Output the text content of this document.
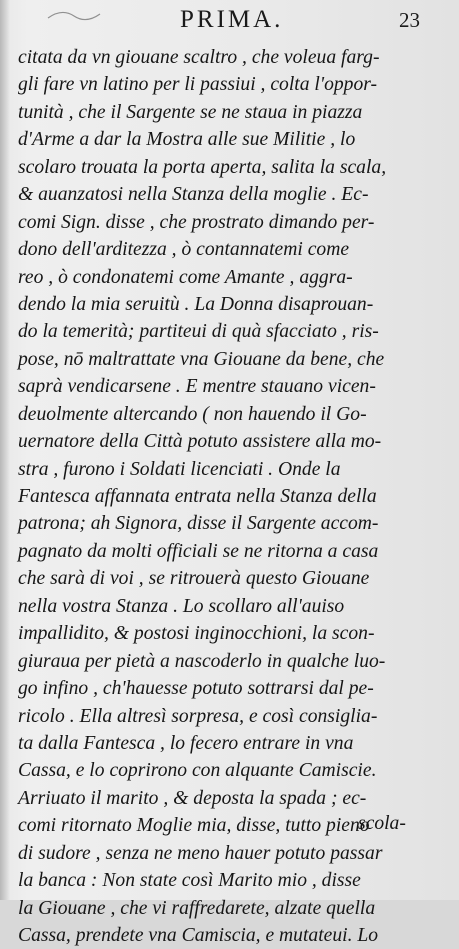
PRIMA.	23
citata da vn giouane scaltro , che voleua farg-
gli fare vn latino per li passiui , colta l'oppor-
tunità , che il Sargente se ne staua in piazza
d'Arme a dar la Mostra alle sue Militie , lo
scolaro trouata la porta aperta, salita la scala,
& auanzatosi nella Stanza della moglie . Ec-
comi Sign. disse , che prostrato dimando per-
dono dell'arditezza , ò contannatemi come
reo , ò condonatemi come Amante , aggra-
dendo la mia seruitù . La Donna disaprouan-
do la temerità; partiteui di quà sfacciato , ris-
pose, nō maltrattate vna Giouane da bene, che
saprà vendicarsene . E mentre stauano vicen-
deuolmente altercando ( non hauendo il Go-
uernatore della Città potuto assistere alla mo-
stra , furono i Soldati licenciati . Onde la
Fantesca affannata entrata nella Stanza della
patrona; ah Signora, disse il Sargente accom-
pagnato da molti officiali se ne ritorna a casa
che sarà di voi , se ritrouerà questo Giouane
nella vostra Stanza . Lo scollaro all'auiso
impallidito, & postosi inginocchioni, la scon-
giuraua per pietà a nascoderlo in qualche luo-
go infino , ch'hauesse potuto sottrarsi dal pe-
ricolo . Ella altresì sorpresa, e così consiglia-
ta dalla Fantesca , lo fecero entrare in vna
Cassa, e lo coprirono con alquante Camiscie.
Arriuato il marito , & deposta la spada ; ec-
comi ritornato Moglie mia, disse, tutto pieno
di sudore , senza ne meno hauer potuto passar
la banca : Non state così Marito mio , disse
la Giouane , che vi raffredarete, alzate quella
Cassa, prendete vna Camiscia, e mutateui. Lo
scola-
